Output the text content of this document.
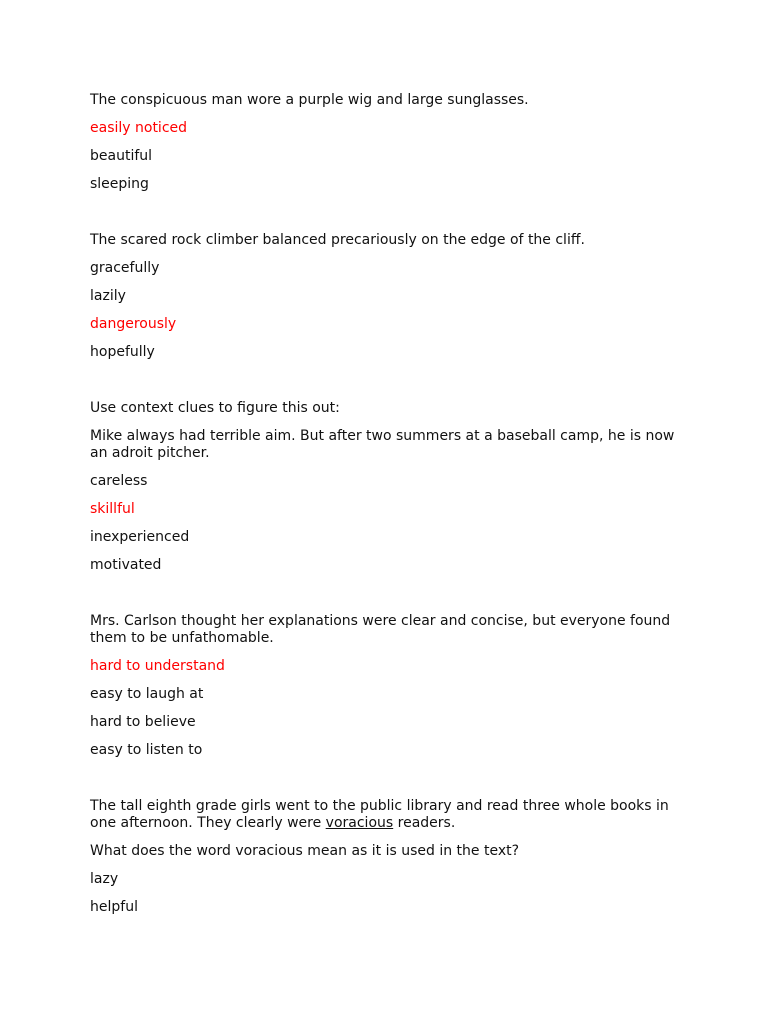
The conspicuous man wore a purple wig and large sunglasses.
easily noticed
beautiful
sleeping
The scared rock climber balanced precariously on the edge of the cliff.
gracefully
lazily
dangerously
hopefully
Use context clues to figure this out:
Mike always had terrible aim. But after two summers at a baseball camp, he is now an adroit pitcher.
careless
skillful
inexperienced
motivated
Mrs. Carlson thought her explanations were clear and concise, but everyone found them to be unfathomable.
hard to understand
easy to laugh at
hard to believe
easy to listen to
The tall eighth grade girls went to the public library and read three whole books in one afternoon. They clearly were voracious readers.
What does the word voracious mean as it is used in the text?
lazy
helpful
